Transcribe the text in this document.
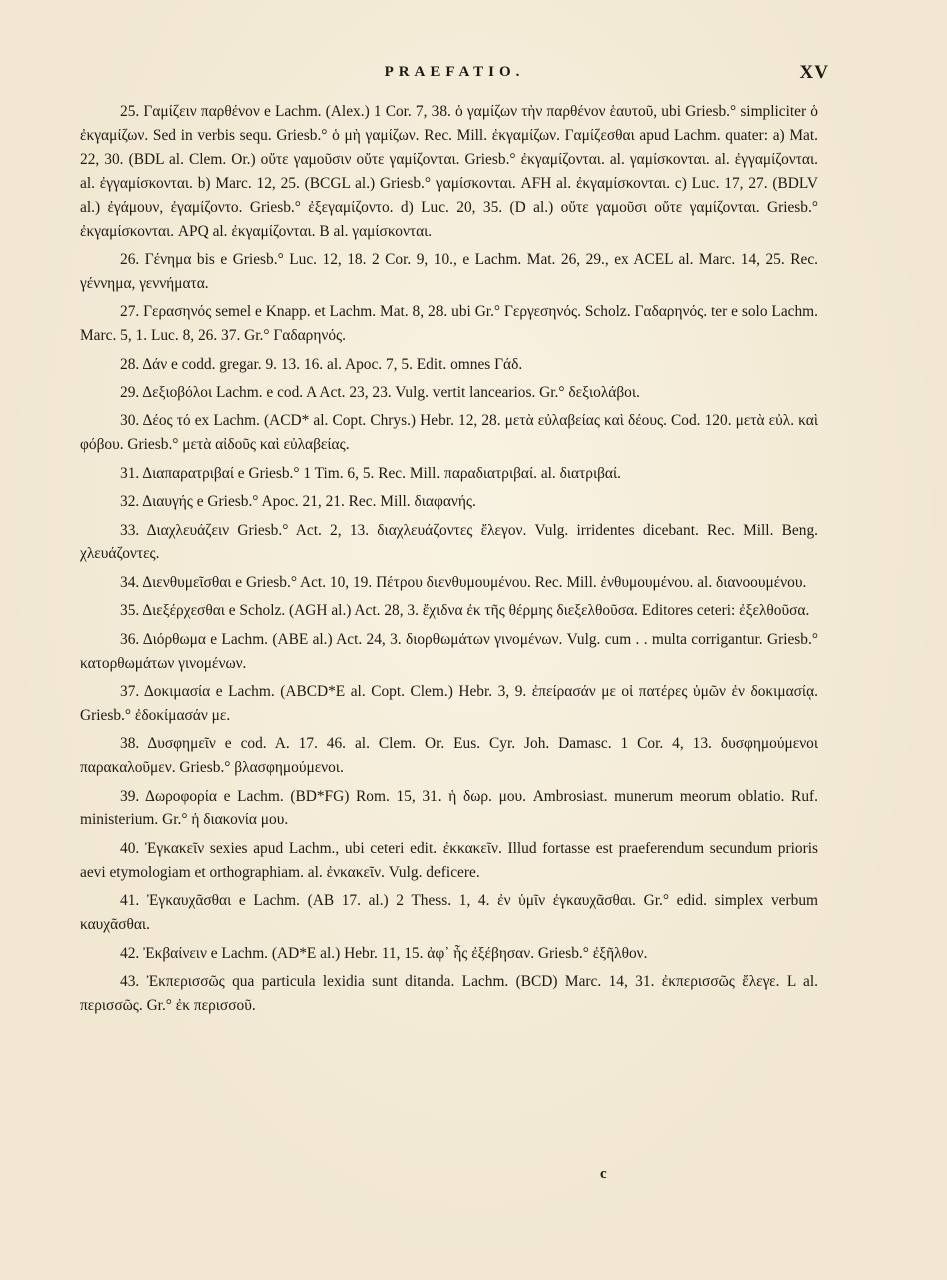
PRAEFATIO.	XV

25. Γαμίζειν παρθένον e Lachm. (Alex.) 1 Cor. 7, 38. ὁ γαμίζων τὴν παρθένον ἑαυτοῦ, ubi Griesb.° simpliciter ὁ ἐκγαμίζων. Sed in verbis sequ. Griesb.° ὁ μὴ γαμίζων. Rec. Mill. ἐκγαμίζων. Γαμίζεσθαι apud Lachm. quater: a) Mat. 22, 30. (BDL al. Clem. Or.) οὔτε γαμοῦσιν οὔτε γαμίζονται. Griesb.° ἐκγαμίζονται. al. γαμίσκονται. al. ἐγγαμίζονται. al. ἐγγαμίσκονται. b) Marc. 12, 25. (BCGL al.) Griesb.° γαμίσκονται. AFH al. ἐκγαμίσκονται. c) Luc. 17, 27. (BDLV al.) ἐγάμουν, ἐγαμίζοντο. Griesb.° ἐξεγαμίζοντο. d) Luc. 20, 35. (D al.) οὔτε γαμοῦσι οὔτε γαμίζονται. Griesb.° ἐκγαμίσκονται. APQ al. ἐκγαμίζονται. B al. γαμίσκονται.

26. Γένημα bis e Griesb.° Luc. 12, 18. 2 Cor. 9, 10., e Lachm. Mat. 26, 29., ex ACEL al. Marc. 14, 25. Rec. γέννημα, γεννήματα.

27. Γερασηνός semel e Knapp. et Lachm. Mat. 8, 28. ubi Gr.° Γεργεσηνός. Scholz. Γαδαρηνός. ter e solo Lachm. Marc. 5, 1. Luc. 8, 26. 37. Gr.° Γαδαρηνός.

28. Δάν e codd. gregar. 9. 13. 16. al. Apoc. 7, 5. Edit. omnes Γάδ.

29. Δεξιοβόλοι Lachm. e cod. A Act. 23, 23. Vulg. vertit lancearios. Gr.° δεξιολάβοι.

30. Δέος τό ex Lachm. (ACD* al. Copt. Chrys.) Hebr. 12, 28. μετὰ εὐλαβείας καὶ δέους. Cod. 120. μετὰ εὐλ. καὶ φόβου. Griesb.° μετὰ αἰδοῦς καὶ εὐλαβείας.

31. Διαπαρατριβαί e Griesb.° 1 Tim. 6, 5. Rec. Mill. παραδιατριβαί. al. διατριβαί.

32. Διαυγής e Griesb.° Apoc. 21, 21. Rec. Mill. διαφανής.

33. Διαχλευάζειν Griesb.° Act. 2, 13. διαχλευάζοντες ἔλεγον. Vulg. irridentes dicebant. Rec. Mill. Beng. χλευάζοντες.

34. Διενθυμεῖσθαι e Griesb.° Act. 10, 19. Πέτρου διενθυμουμένου. Rec. Mill. ἐνθυμουμένου. al. διανοουμένου.

35. Διεξέρχεσθαι e Scholz. (AGH al.) Act. 28, 3. ἔχιδνα ἐκ τῆς θέρμης διεξελθοῦσα. Editores ceteri: ἐξελθοῦσα.

36. Διόρθωμα e Lachm. (ABE al.) Act. 24, 3. διορθωμάτων γινομένων. Vulg. cum . . multa corrigantur. Griesb.° κατορθωμάτων γινομένων.

37. Δοκιμασία e Lachm. (ABCD*E al. Copt. Clem.) Hebr. 3, 9. ἐπείρασάν με οἱ πατέρες ὑμῶν ἐν δοκιμασίᾳ. Griesb.° ἐδοκίμασάν με.

38. Δυσφημεῖν e cod. A. 17. 46. al. Clem. Or. Eus. Cyr. Joh. Damasc. 1 Cor. 4, 13. δυσφημούμενοι παρακαλοῦμεν. Griesb.° βλασφημούμενοι.

39. Δωροφορία e Lachm. (BD*FG) Rom. 15, 31. ἡ δωρ. μου. Ambrosiast. munerum meorum oblatio. Ruf. ministerium. Gr.° ἡ διακονία μου.

40. Ἐγκακεῖν sexies apud Lachm., ubi ceteri edit. ἐκκακεῖν. Illud fortasse est praeferendum secundum prioris aevi etymologiam et orthographiam. al. ἐνκακεῖν. Vulg. deficere.

41. Ἐγκαυχᾶσθαι e Lachm. (AB 17. al.) 2 Thess. 1, 4. ἐν ὑμῖν ἐγκαυχᾶσθαι. Gr.° edid. simplex verbum καυχᾶσθαι.

42. Ἐκβαίνειν e Lachm. (AD*E al.) Hebr. 11, 15. ἀφ᾽ ἧς ἐξέβησαν. Griesb.° ἐξῆλθον.

43. Ἐκπερισσῶς qua particula lexidia sunt ditanda. Lachm. (BCD) Marc. 14, 31. ἐκπερισσῶς ἔλεγε. L al. περισσῶς. Gr.° ἐκ περισσοῦ.

c
